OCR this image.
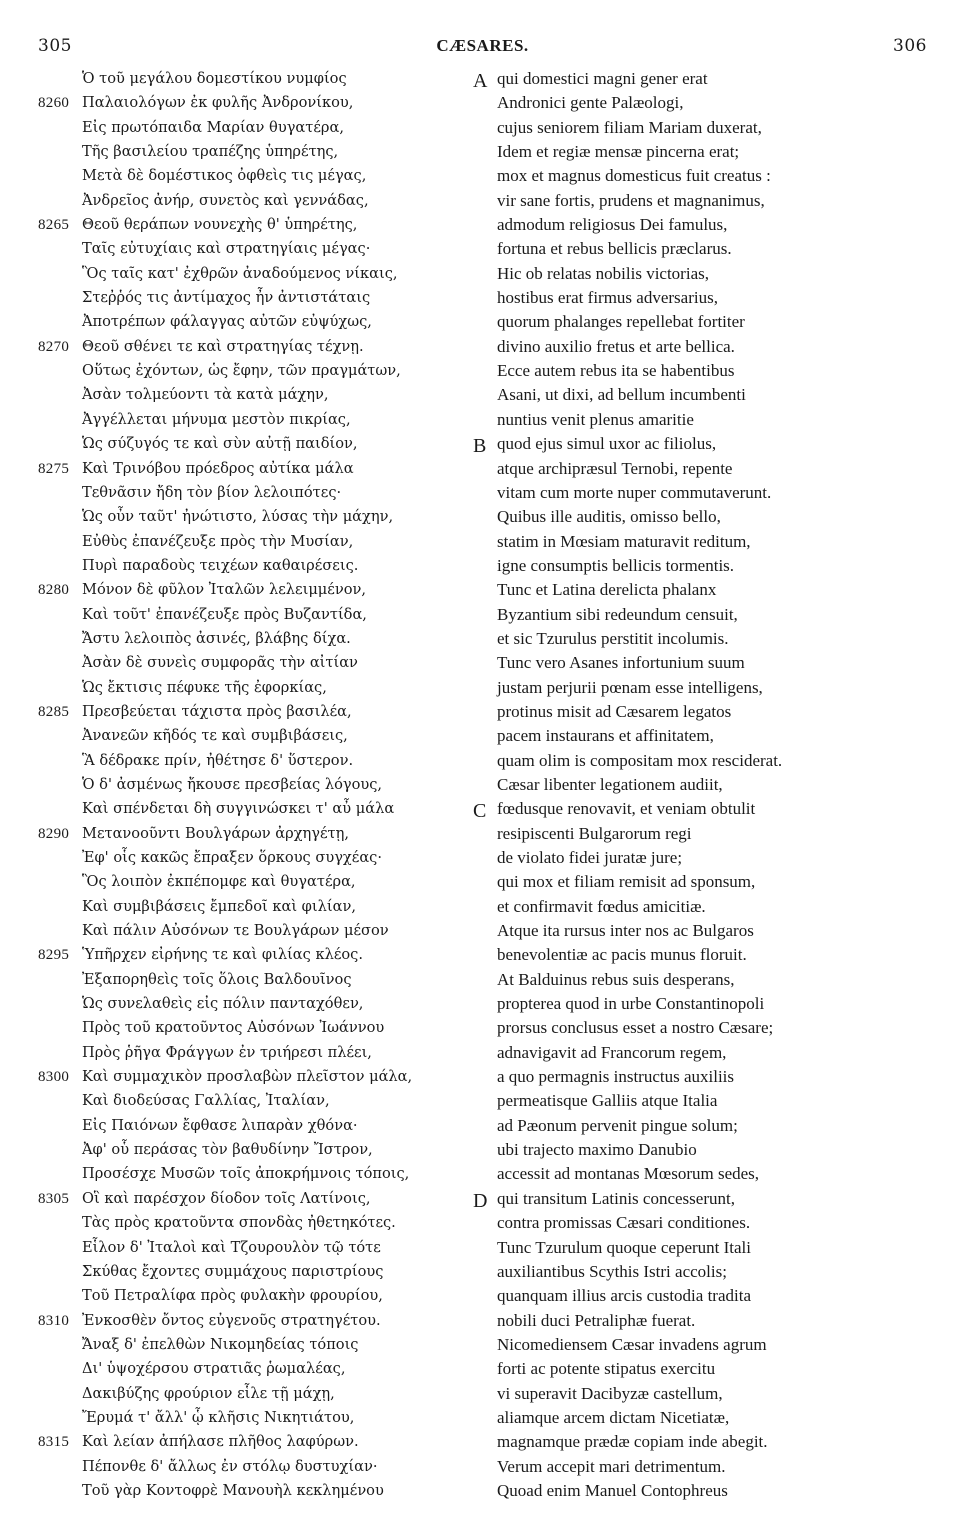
305	CÆSARES.	306
Ὁ τοῦ μεγάλου δομεστίκου νυμφίος
8260 Παλαιολόγων ἐκ φυλῆς Ἀνδρονίκου,
Εἰς πρωτόπαιδα Μαρίαν θυγατέρα,
Τῆς βασιλείου τραπέζης ὑπηρέτης,
Μετὰ δὲ δομέστικος ὀφθεὶς τις μέγας,
Ἀνδρεῖος ἀνήρ, συνετὸς καὶ γεννάδας,
8265 Θεοῦ θεράπων νουνεχὴς θ' ὑπηρέτης,
Ταῖς εὐτυχίαις καὶ στρατηγίαις μέγας·
Ὃς ταῖς κατ' ἐχθρῶν ἀναδούμενος νίκαις,
Στεῤῥός τις ἀντίμαχος ἦν ἀντιστάταις
Ἀποτρέπων φάλαγγας αὐτῶν εὐψύχως,
8270 Θεοῦ σθένει τε καὶ στρατηγίας τέχνῃ.
Οὕτως ἐχόντων, ὡς ἔφην, τῶν πραγμάτων,
Ἀσὰν τολμεύοντι τὰ κατὰ μάχην,
Ἀγγέλλεται μήνυμα μεστὸν πικρίας,
Ὡς σύζυγός τε καὶ σὺν αὐτῇ παιδίον,
8275 Καὶ Τρινόβου πρόεδρος αὐτίκα μάλα
Τεθνᾶσιν ἤδη τὸν βίον λελοιπότες·
Ὡς οὖν ταῦτ' ἠνώτιστο, λύσας τὴν μάχην,
Εὐθὺς ἐπανέζευξε πρὸς τὴν Μυσίαν,
Πυρὶ παραδοὺς τειχέων καθαιρέσεις.
8280 Μόνον δὲ φῦλον Ἰταλῶν λελειμμένον,
Καὶ τοῦτ' ἐπανέζευξε πρὸς Βυζαντίδα,
Ἄστυ λελοιπὸς ἀσινές, βλάβης δίχα.
Ἀσὰν δὲ συνεὶς συμφορᾶς τὴν αἰτίαν
Ὡς ἔκτισις πέφυκε τῆς ἐφορκίας,
8285 Πρεσβεύεται τάχιστα πρὸς βασιλέα,
Ἀνανεῶν κῆδός τε καὶ συμβιβάσεις,
Ἃ δέδρακε πρίν, ἠθέτησε δ' ὕστερον.
Ὁ δ' ἀσμένως ἤκουσε πρεσβείας λόγους,
Καὶ σπένδεται δὴ συγγινώσκει τ' αὖ μάλα
8290 Μετανοοῦντι Βουλγάρων ἀρχηγέτῃ,
Ἐφ' οἷς κακῶς ἔπραξεν ὅρκους συγχέας·
Ὃς λοιπὸν ἐκπέπομφε καὶ θυγατέρα,
Καὶ συμβιβάσεις ἔμπεδοῖ καὶ φιλίαν,
Καὶ πάλιν Αὐσόνων τε Βουλγάρων μέσον
8295 Ὑπῆρχεν εἰρήνης τε καὶ φιλίας κλέος.
Ἐξαπορηθεὶς τοῖς ὅλοις Βαλδουῖνος
Ὡς συνελαθεὶς εἰς πόλιν πανταχόθεν,
Πρὸς τοῦ κρατοῦντος Αὐσόνων Ἰωάννου
Πρὸς ῥῆγα Φράγγων ἐν τριήρεσι πλέει,
8300 Καὶ συμμαχικὸν προσλαβὼν πλεῖστον μάλα,
Καὶ διοδεύσας Γαλλίας, Ἰταλίαν,
Εἰς Παιόνων ἔφθασε λιπαρὰν χθόνα·
Ἀφ' οὗ περάσας τὸν βαθυδίνην Ἴστρον,
Προσέσχε Μυσῶν τοῖς ἀποκρήμνοις τόποις,
8305 Οἳ καὶ παρέσχον δίοδον τοῖς Λατίνοις,
Τὰς πρὸς κρατοῦντα σπονδὰς ἠθετηκότες.
Εἷλον δ' Ἰταλοὶ καὶ Τζουρουλὸν τῷ τότε
Σκύθας ἔχοντες συμμάχους παριστρίους
Τοῦ Πετραλίφα πρὸς φυλακὴν φρουρίου,
8310 Ἐνκοσθὲν ὄντος εὐγενοῦς στρατηγέτου.
Ἄναξ δ' ἐπελθὼν Νικομηδείας τόποις
Δι' ὑψοχέρσου στρατιᾶς ῥωμαλέας,
Δακιβύζης φρούριον εἷλε τῇ μάχῃ,
Ἔρυμά τ' ἄλλ' ᾧ κλῆσις Νικητιάτου,
8315 Καὶ λείαν ἀπήλασε πλῆθος λαφύρων.
Πέπονθε δ' ἄλλως ἐν στόλῳ δυστυχίαν·
Τοῦ γὰρ Κοντοφρὲ Μανουὴλ κεκλημένου
A qui domestici magni gener erat
Andronici gente Palæologi,
cujus seniorem filiam Mariam duxerat,
Idem et regiæ mensæ pincerna erat;
mox et magnus domesticus fuit creatus :
vir sane fortis, prudens et magnanimus,
admodum religiosus Dei famulus,
fortuna et rebus bellicis præclarus.
Hic ob relatas nobilis victorias,
hostibus erat firmus adversarius,
quorum phalanges repellebat fortiter
divino auxilio fretus et arte bellica.
Ecce autem rebus ita se habentibus
Asani, ut dixi, ad bellum incumbenti
nuntius venit plenus amaritie
B quod ejus simul uxor ac filiolus,
atque archipræsul Ternobi, repente
vitam cum morte nuper commutaverunt.
Quibus ille auditis, omisso bello,
statim in Mœsiam maturavit reditum,
igne consumptis bellicis tormentis.
Tunc et Latina derelicta phalanx
Byzantium sibi redeundum censuit,
et sic Tzurulus perstitit incolumis.
Tunc vero Asanes infortunium suum
justam perjurii pœnam esse intelligens,
protinus misit ad Cæsarem legatos
pacem instaurans et affinitatem,
quam olim is compositam mox resciderat.
Cæsar libenter legationem audiit,
C fœdusque renovavit, et veniam obtulit
resipiscenti Bulgarorum regi
de violato fidei juratæ jure;
qui mox et filiam remisit ad sponsum,
et confirmavit fœdus amicitiæ.
Atque ita rursus inter nos ac Bulgaros
benevolentiæ ac pacis munus floruit.
At Balduinus rebus suis desperans,
propterea quod in urbe Constantinopoli
prorsus conclusus esset a nostro Cæsare;
adnavigavit ad Francorum regem,
a quo permagnis instructus auxiliis
permeatisque Galliis atque Italia
ad Pæonum pervenit pingue solum;
ubi trajecto maximo Danubio
accessit ad montanas Mœsorum sedes,
D qui transitum Latinis concesserunt,
contra promissas Cæsari conditiones.
Tunc Tzurulum quoque ceperunt Itali
auxiliantibus Scythis Istri accolis;
quanquam illius arcis custodia tradita
nobili duci Petraliphæ fuerat.
Nicomediensem Cæsar invadens agrum
forti ac potente stipatus exercitu
vi superavit Dacibyzæ castellum,
aliamque arcem dictam Nicetiatæ,
magnamque prædæ copiam inde abegit.
Verum accepit mari detrimentum.
Quoad enim Manuel Contophreus
